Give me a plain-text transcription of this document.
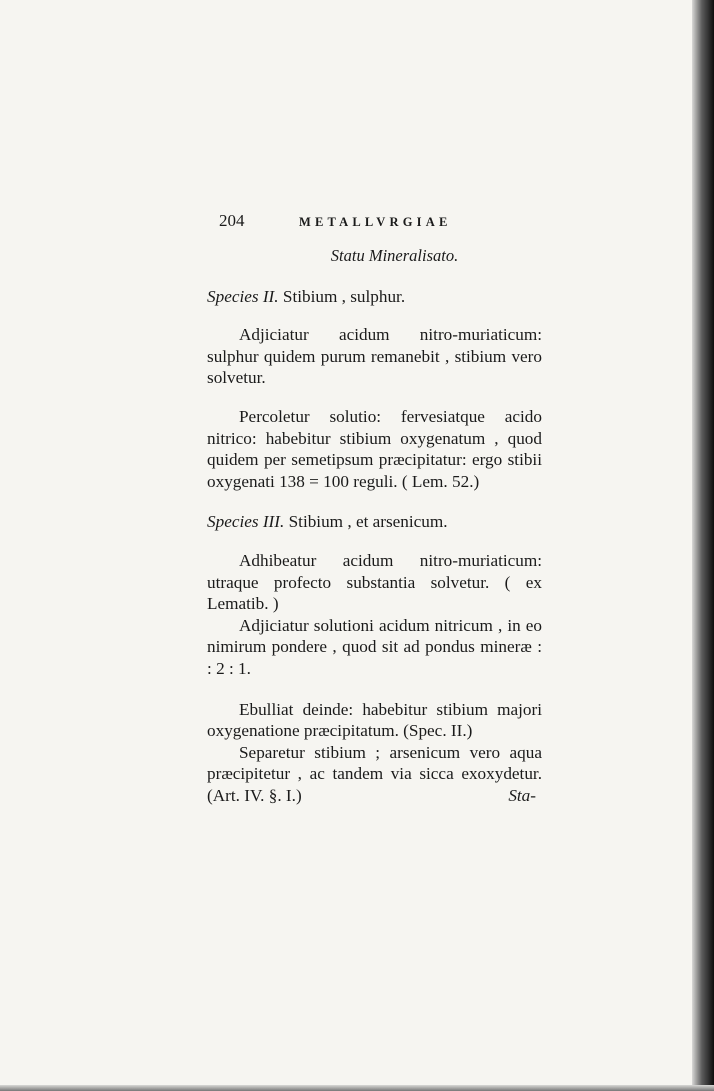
204	METALLVRGIAE
Statu Mineralisato.
Species II. Stibium , sulphur.

Adjiciatur acidum nitro-muriaticum: sulphur quidem purum remanebit , stibium vero solvetur.

Percoletur solutio: fervesiatque acido nitrico: habebitur stibium oxygenatum , quod quidem per semetipsum præcipitatur: ergo stibii oxygenati 138 = 100 reguli. ( Lem. 52.)

Species III. Stibium , et arsenicum.

Adhibeatur acidum nitro-muriaticum: utraque profecto substantia solvetur. ( ex Lematib. )

Adjiciatur solutioni acidum nitricum , in eo nimirum pondere , quod sit ad pondus mineræ : : 2 : 1.

Ebulliat deinde: habebitur stibium majori oxygenatione præcipitatum. (Spec. II.)

Separetur stibium ; arsenicum vero aqua præcipitetur , ac tandem via sicca exoxydetur. (Art. IV. §. I.)	Sta-
